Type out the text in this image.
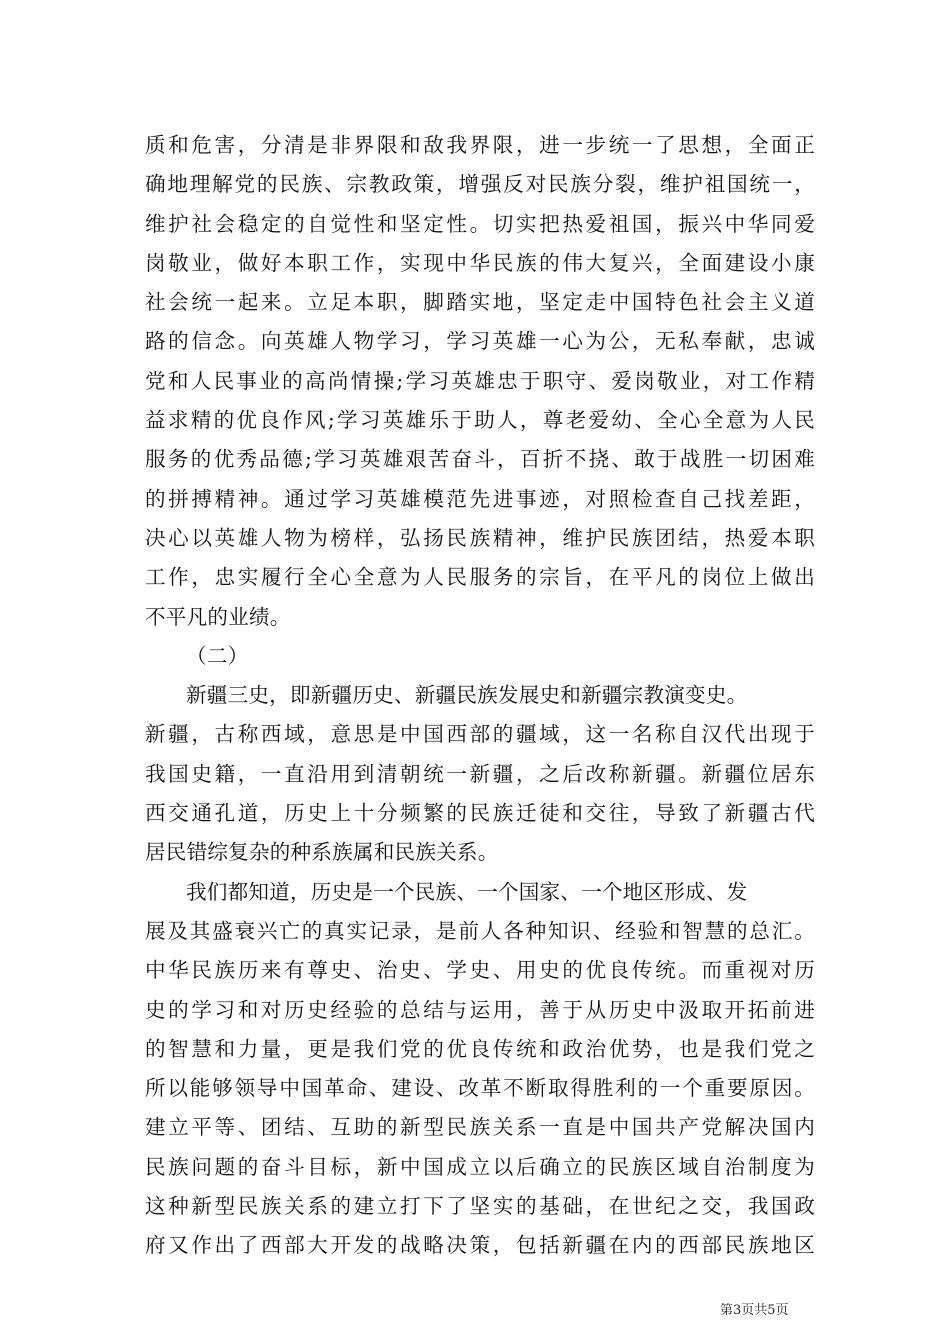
质和危害，分清是非界限和敌我界限，进一步统一了思想，全面正
确地理解党的民族、宗教政策，增强反对民族分裂，维护祖国统一，
维护社会稳定的自觉性和坚定性。切实把热爱祖国，振兴中华同爱
岗敬业，做好本职工作，实现中华民族的伟大复兴，全面建设小康
社会统一起来。立足本职，脚踏实地，坚定走中国特色社会主义道
路的信念。向英雄人物学习，学习英雄一心为公，无私奉献，忠诚
党和人民事业的高尚情操;学习英雄忠于职守、爱岗敬业，对工作精
益求精的优良作风;学习英雄乐于助人，尊老爱幼、全心全意为人民
服务的优秀品德;学习英雄艰苦奋斗，百折不挠、敢于战胜一切困难
的拼搏精神。通过学习英雄模范先进事迹，对照检查自己找差距，
决心以英雄人物为榜样，弘扬民族精神，维护民族团结，热爱本职
工作，忠实履行全心全意为人民服务的宗旨，在平凡的岗位上做出
不平凡的业绩。
（二）
新疆三史，即新疆历史、新疆民族发展史和新疆宗教演变史。
新疆，古称西域，意思是中国西部的疆域，这一名称自汉代出现于
我国史籍，一直沿用到清朝统一新疆，之后改称新疆。新疆位居东
西交通孔道，历史上十分频繁的民族迁徒和交往，导致了新疆古代
居民错综复杂的种系族属和民族关系。
我们都知道，历史是一个民族、一个国家、一个地区形成、发
展及其盛衰兴亡的真实记录，是前人各种知识、经验和智慧的总汇。
中华民族历来有尊史、治史、学史、用史的优良传统。而重视对历
史的学习和对历史经验的总结与运用，善于从历史中汲取开拓前进
的智慧和力量，更是我们党的优良传统和政治优势，也是我们党之
所以能够领导中国革命、建设、改革不断取得胜利的一个重要原因。
建立平等、团结、互助的新型民族关系一直是中国共产党解决国内
民族问题的奋斗目标，新中国成立以后确立的民族区域自治制度为
这种新型民族关系的建立打下了坚实的基础，在世纪之交，我国政
府又作出了西部大开发的战略决策，包括新疆在内的西部民族地区
第3页共5页
